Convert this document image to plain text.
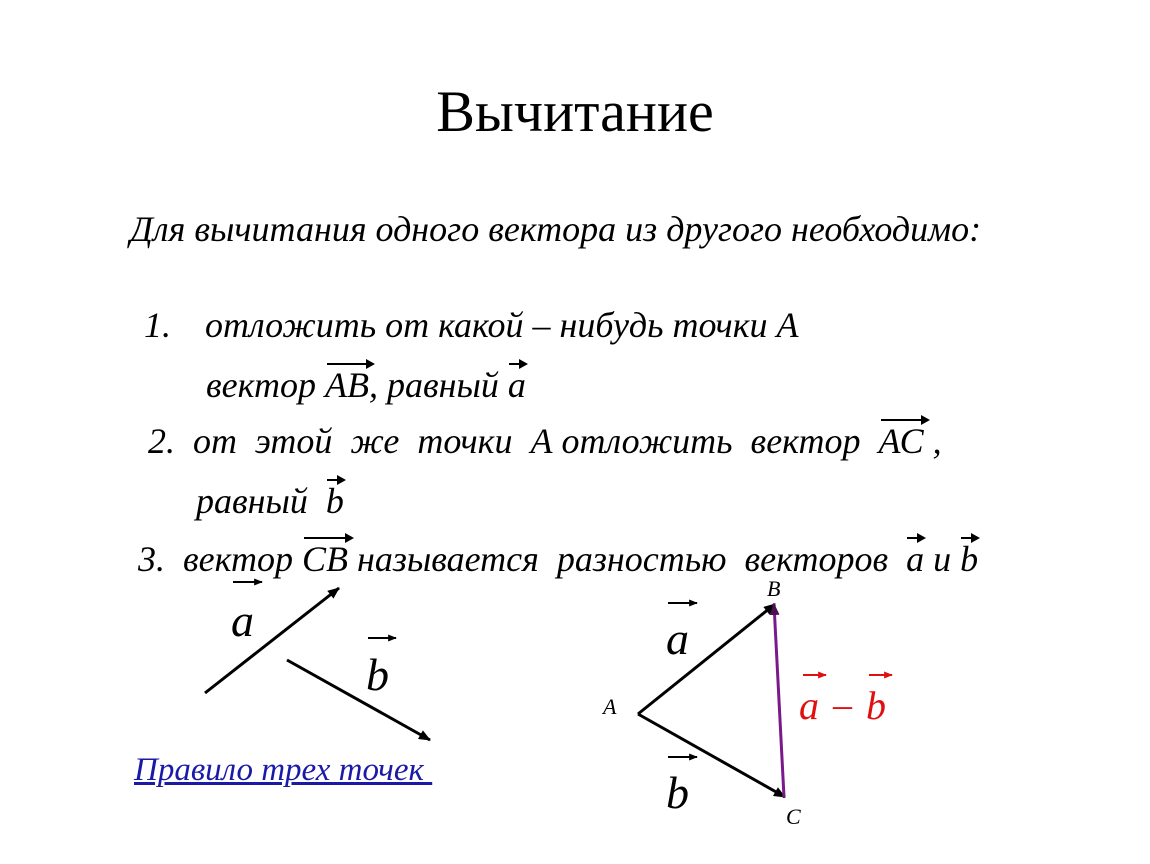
Вычитание
Для вычитания одного вектора из другого необходимо:

1. отложить от какой – нибудь точки А

вектор
АВ, равный
а

2. от  этой  же  точки  А отложить  вектор
АС ,

равный
b

3. вектор
СВ называется  разностью  векторов
а и
b

Правило трех точек
a
b
A
B
C
a
b
a – b
